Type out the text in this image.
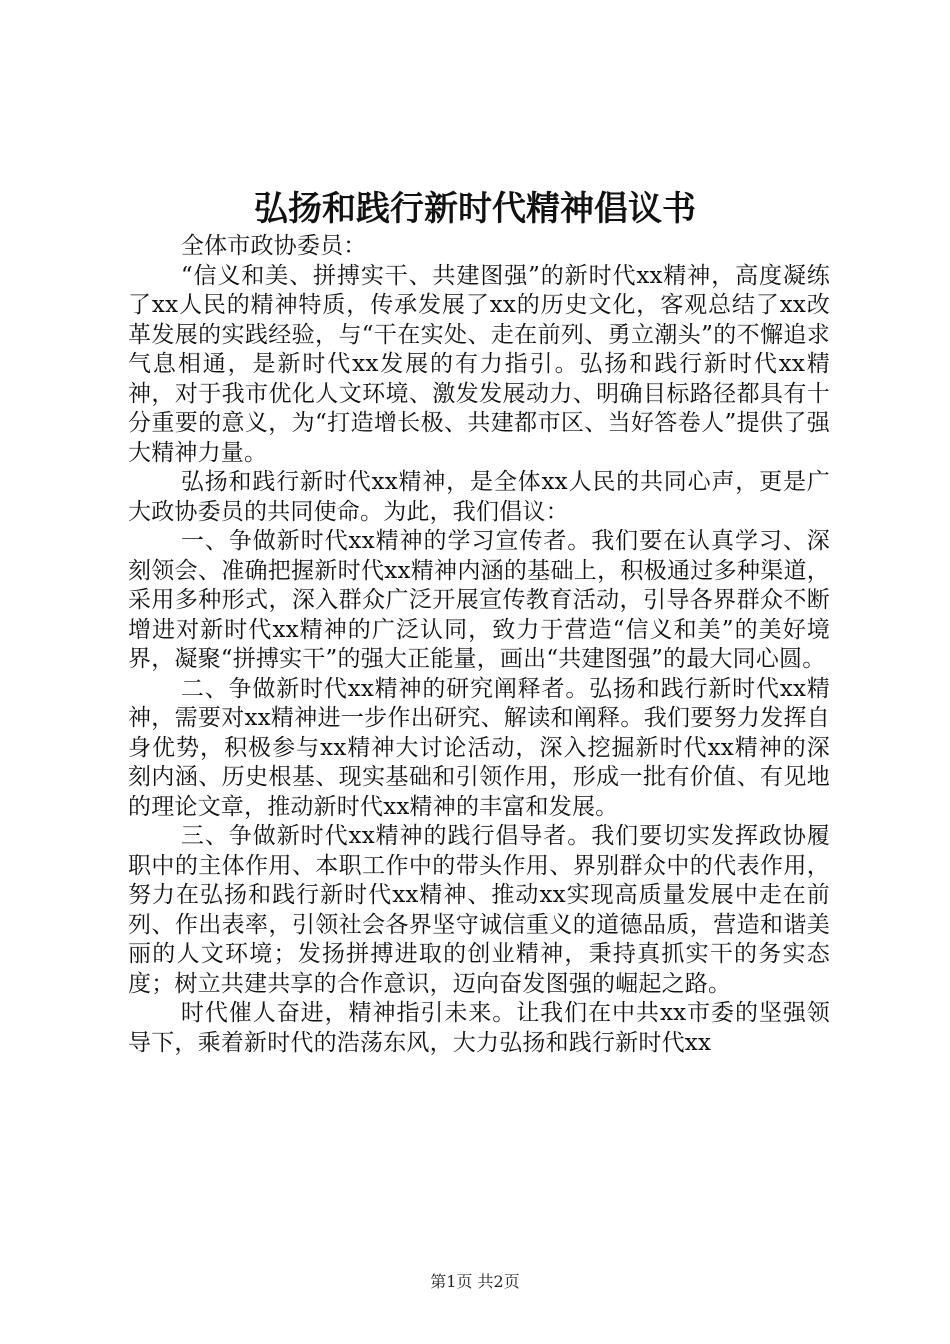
弘扬和践行新时代精神倡议书

全体市政协委员：

“信义和美、拼搏实干、共建图强”的新时代xx精神，高度凝练了xx人民的精神特质，传承发展了xx的历史文化，客观总结了xx改革发展的实践经验，与“干在实处、走在前列、勇立潮头”的不懈追求气息相通，是新时代xx发展的有力指引。弘扬和践行新时代xx精神，对于我市优化人文环境、激发发展动力、明确目标路径都具有十分重要的意义，为“打造增长极、共建都市区、当好答卷人”提供了强大精神力量。

弘扬和践行新时代xx精神，是全体xx人民的共同心声，更是广大政协委员的共同使命。为此，我们倡议：

一、争做新时代xx精神的学习宣传者。我们要在认真学习、深刻领会、准确把握新时代xx精神内涵的基础上，积极通过多种渠道，采用多种形式，深入群众广泛开展宣传教育活动，引导各界群众不断增进对新时代xx精神的广泛认同，致力于营造“信义和美”的美好境界，凝聚“拼搏实干”的强大正能量，画出“共建图强”的最大同心圆。

二、争做新时代xx精神的研究阐释者。弘扬和践行新时代xx精神，需要对xx精神进一步作出研究、解读和阐释。我们要努力发挥自身优势，积极参与xx精神大讨论活动，深入挖掘新时代xx精神的深刻内涵、历史根基、现实基础和引领作用，形成一批有价值、有见地的理论文章，推动新时代xx精神的丰富和发展。

三、争做新时代xx精神的践行倡导者。我们要切实发挥政协履职中的主体作用、本职工作中的带头作用、界别群众中的代表作用，努力在弘扬和践行新时代xx精神、推动xx实现高质量发展中走在前列、作出表率，引领社会各界坚守诚信重义的道德品质，营造和谐美丽的人文环境；发扬拼搏进取的创业精神，秉持真抓实干的务实态度；树立共建共享的合作意识，迈向奋发图强的崛起之路。

时代催人奋进，精神指引未来。让我们在中共xx市委的坚强领导下，乘着新时代的浩荡东风，大力弘扬和践行新时代xx

第1页 共2页
